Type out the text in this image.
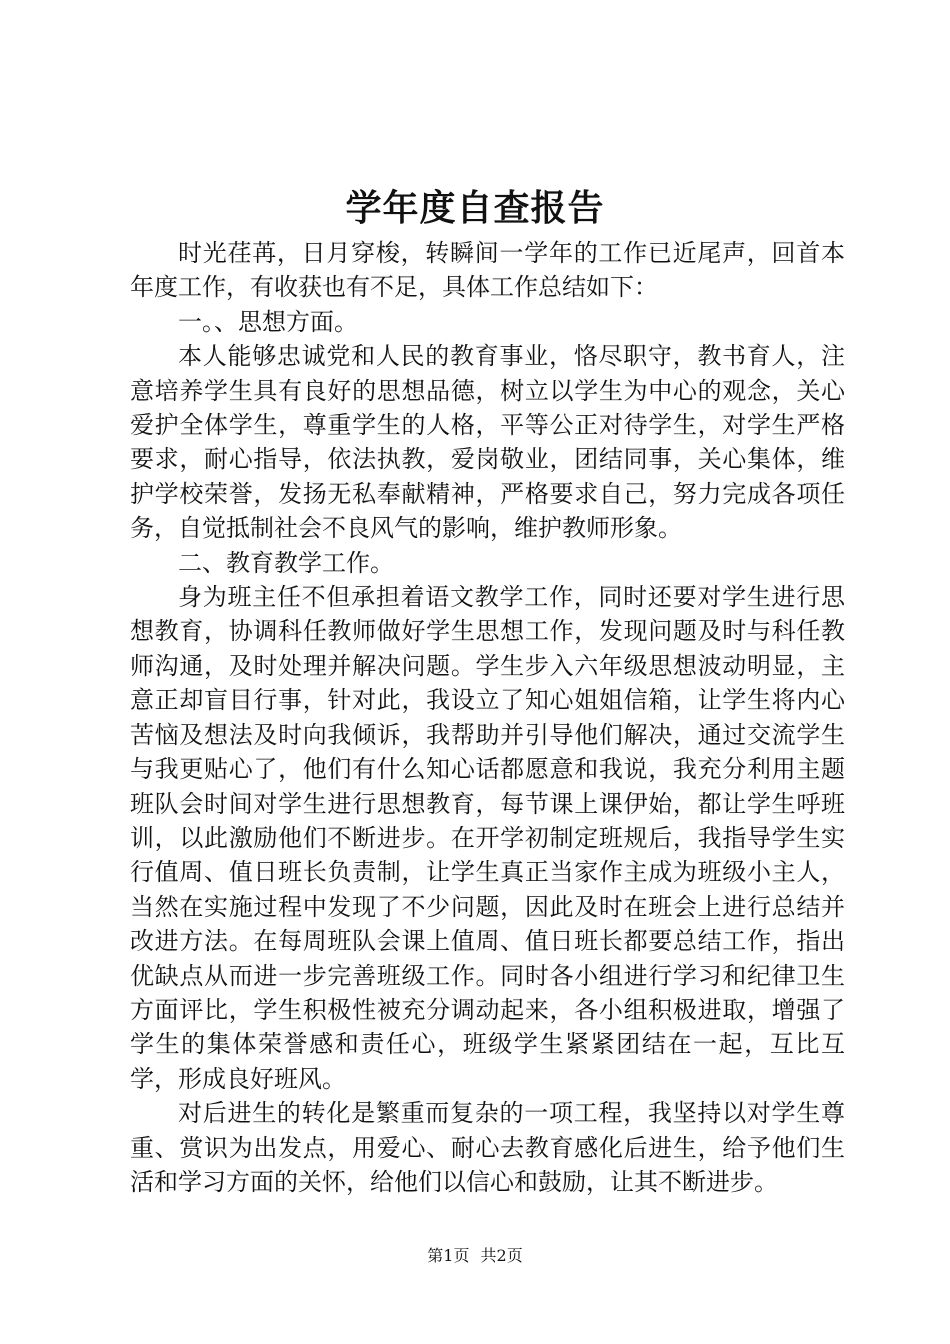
学年度自查报告

时光荏苒，日月穿梭，转瞬间一学年的工作已近尾声，回首本年度工作，有收获也有不足，具体工作总结如下：

一。、思想方面。

本人能够忠诚党和人民的教育事业，恪尽职守，教书育人，注意培养学生具有良好的思想品德，树立以学生为中心的观念，关心爱护全体学生，尊重学生的人格，平等公正对待学生，对学生严格要求，耐心指导，依法执教，爱岗敬业，团结同事，关心集体，维护学校荣誉，发扬无私奉献精神，严格要求自己，努力完成各项任务，自觉抵制社会不良风气的影响，维护教师形象。

二、教育教学工作。

身为班主任不但承担着语文教学工作，同时还要对学生进行思想教育，协调科任教师做好学生思想工作，发现问题及时与科任教师沟通，及时处理并解决问题。学生步入六年级思想波动明显，主意正却盲目行事，针对此，我设立了知心姐姐信箱，让学生将内心苦恼及想法及时向我倾诉，我帮助并引导他们解决，通过交流学生与我更贴心了，他们有什么知心话都愿意和我说，我充分利用主题班队会时间对学生进行思想教育，每节课上课伊始，都让学生呼班训，以此激励他们不断进步。在开学初制定班规后，我指导学生实行值周、值日班长负责制，让学生真正当家作主成为班级小主人，当然在实施过程中发现了不少问题，因此及时在班会上进行总结并改进方法。在每周班队会课上值周、值日班长都要总结工作，指出优缺点从而进一步完善班级工作。同时各小组进行学习和纪律卫生方面评比，学生积极性被充分调动起来，各小组积极进取，增强了学生的集体荣誉感和责任心，班级学生紧紧团结在一起，互比互学，形成良好班风。

对后进生的转化是繁重而复杂的一项工程，我坚持以对学生尊重、赏识为出发点，用爱心、耐心去教育感化后进生，给予他们生活和学习方面的关怀，给他们以信心和鼓励，让其不断进步。

第1页 共2页
